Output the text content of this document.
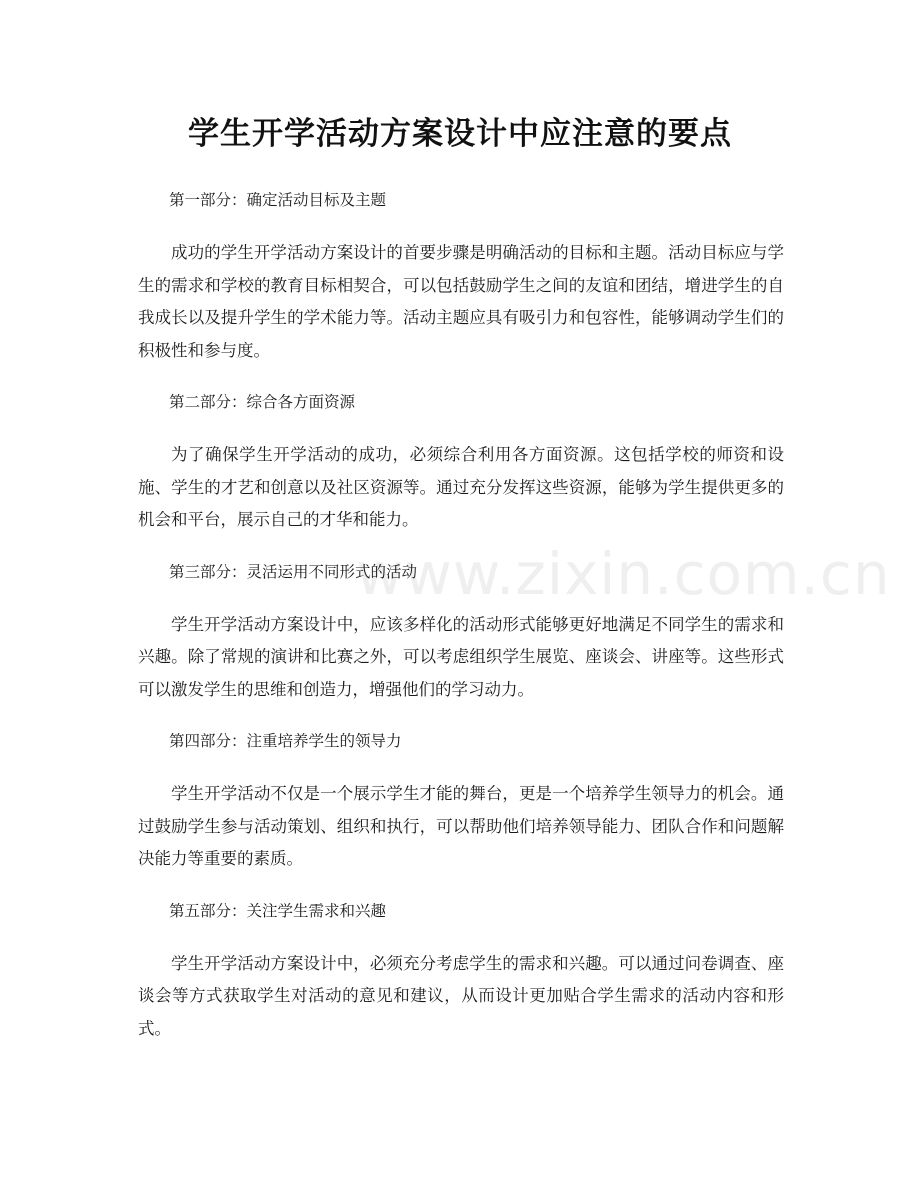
学生开学活动方案设计中应注意的要点
www.zixin.com.cn

第一部分：确定活动目标及主题

成功的学生开学活动方案设计的首要步骤是明确活动的目标和主题。活动目标应与学生的需求和学校的教育目标相契合，可以包括鼓励学生之间的友谊和团结，增进学生的自我成长以及提升学生的学术能力等。活动主题应具有吸引力和包容性，能够调动学生们的积极性和参与度。

第二部分：综合各方面资源

为了确保学生开学活动的成功，必须综合利用各方面资源。这包括学校的师资和设施、学生的才艺和创意以及社区资源等。通过充分发挥这些资源，能够为学生提供更多的机会和平台，展示自己的才华和能力。

第三部分：灵活运用不同形式的活动

学生开学活动方案设计中，应该多样化的活动形式能够更好地满足不同学生的需求和兴趣。除了常规的演讲和比赛之外，可以考虑组织学生展览、座谈会、讲座等。这些形式可以激发学生的思维和创造力，增强他们的学习动力。

第四部分：注重培养学生的领导力

学生开学活动不仅是一个展示学生才能的舞台，更是一个培养学生领导力的机会。通过鼓励学生参与活动策划、组织和执行，可以帮助他们培养领导能力、团队合作和问题解决能力等重要的素质。

第五部分：关注学生需求和兴趣

学生开学活动方案设计中，必须充分考虑学生的需求和兴趣。可以通过问卷调查、座谈会等方式获取学生对活动的意见和建议，从而设计更加贴合学生需求的活动内容和形式。
